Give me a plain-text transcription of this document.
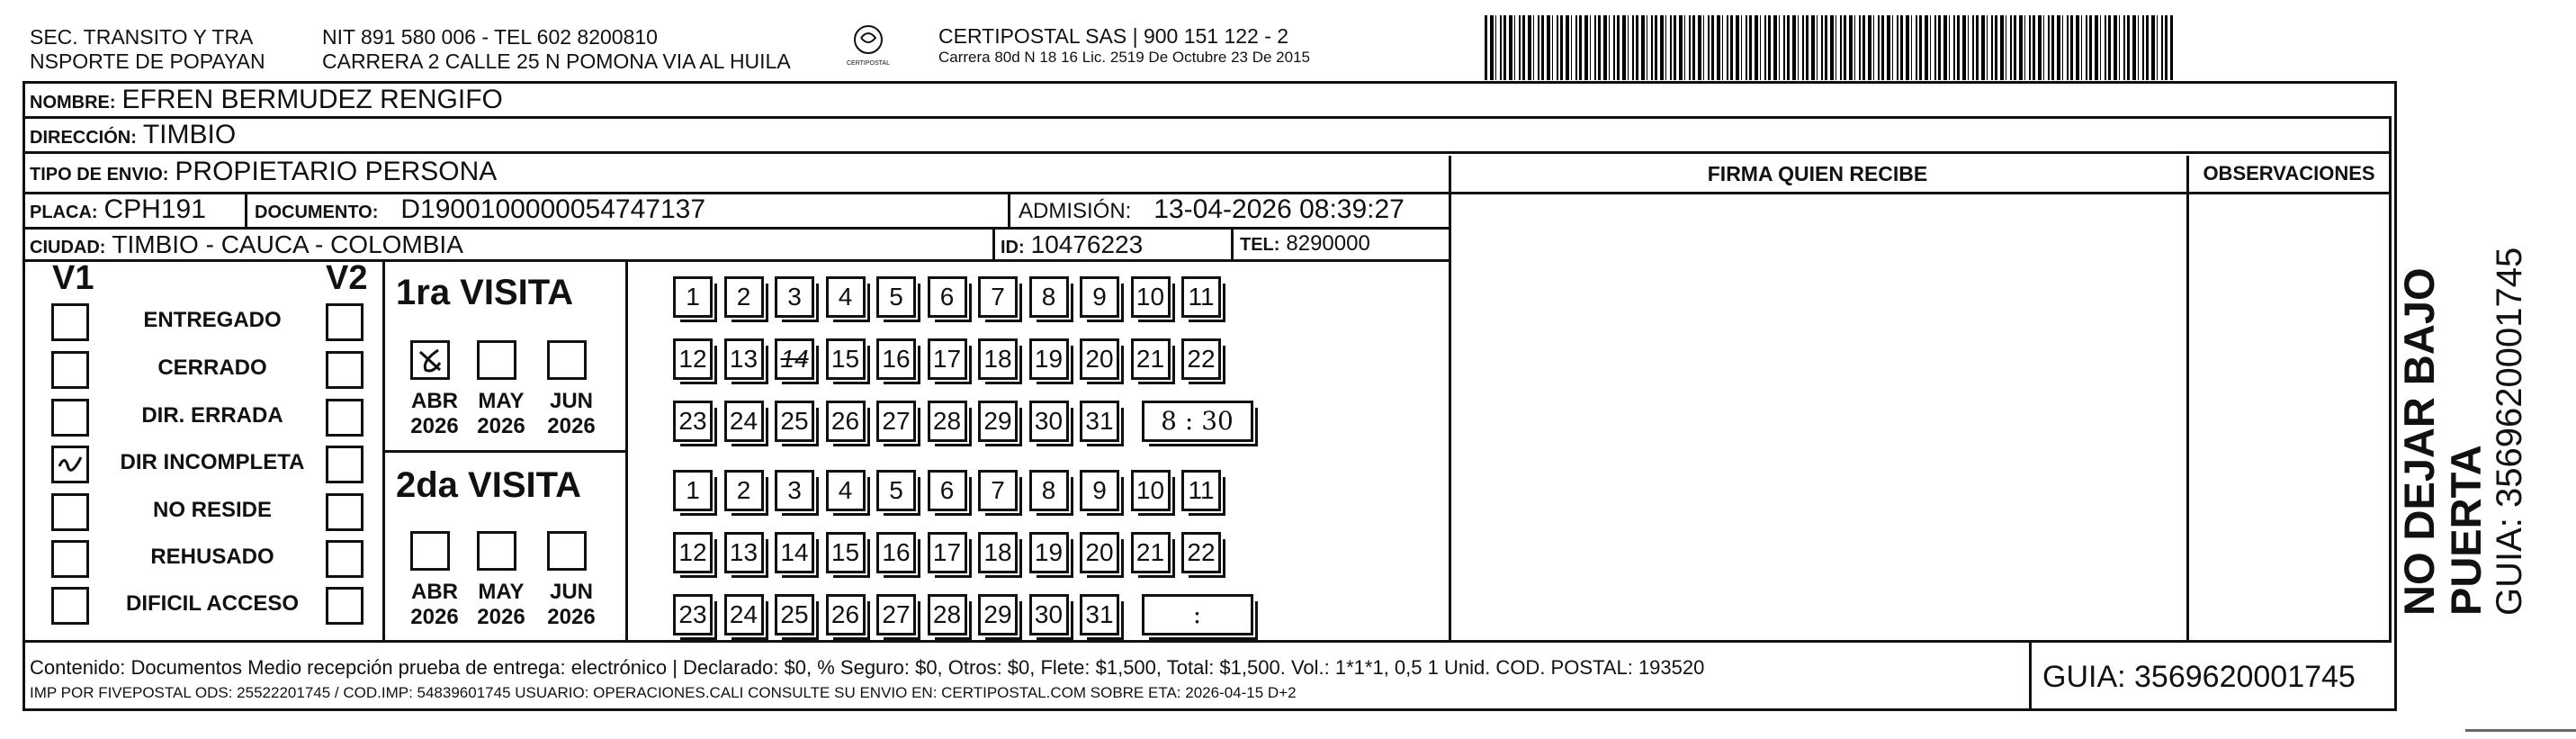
SEC. TRANSITO Y TRA
NSPORTE DE POPAYAN
NIT 891 580 006 - TEL 602 8200810
CARRERA 2 CALLE 25 N POMONA VIA AL HUILA	CERTIPOSTAL
CERTIPOSTAL SAS | 900 151 122 - 2
Carrera 80d N 18 16 Lic. 2519 De Octubre 23 De 2015
NOMBRE: EFREN BERMUDEZ RENGIFO
DIRECCIÓN: TIMBIO
TIPO DE ENVIO: PROPIETARIO PERSONA	FIRMA QUIEN RECIBE	OBSERVACIONES
PLACA: CPH191	DOCUMENTO: D1900100000054747137	ADMISIÓN: 13-04-2026 08:39:27
CIUDAD: TIMBIO - CAUCA - COLOMBIA	ID: 10476223	TEL: 8290000
V1	V2
ENTREGADO
CERRADO
DIR. ERRADA
DIR INCOMPLETA
NO RESIDE
REHUSADO
DIFICIL ACCESO
1ra VISITA
ABR
2026
MAY
2026
JUN
2026
2da VISITA
ABR
2026
MAY
2026
JUN
2026
1	2	3	4	5	6	7	8	9	10 11
12 13 14 15 16 17 18 19 20 21 22
23 24 25 26 27 28 29 30 31	8 : 30
1	2	3	4	5	6	7	8	9	10 11
12 13 14 15 16 17 18 19 20 21 22
23 24 25 26 27 28 29 30 31	:
Contenido: Documentos Medio recepción prueba de entrega: electrónico | Declarado: $0, % Seguro: $0, Otros: $0, Flete: $1,500, Total: $1,500. Vol.: 1*1*1, 0,5 1 Unid. COD. POSTAL: 193520
IMP POR FIVEPOSTAL ODS: 25522201745 / COD.IMP: 54839601745 USUARIO: OPERACIONES.CALI CONSULTE SU ENVIO EN: CERTIPOSTAL.COM SOBRE ETA: 2026-04-15 D+2	GUIA: 3569620001745
NO DEJAR BAJO PUERTA GUIA: 3569620001745
